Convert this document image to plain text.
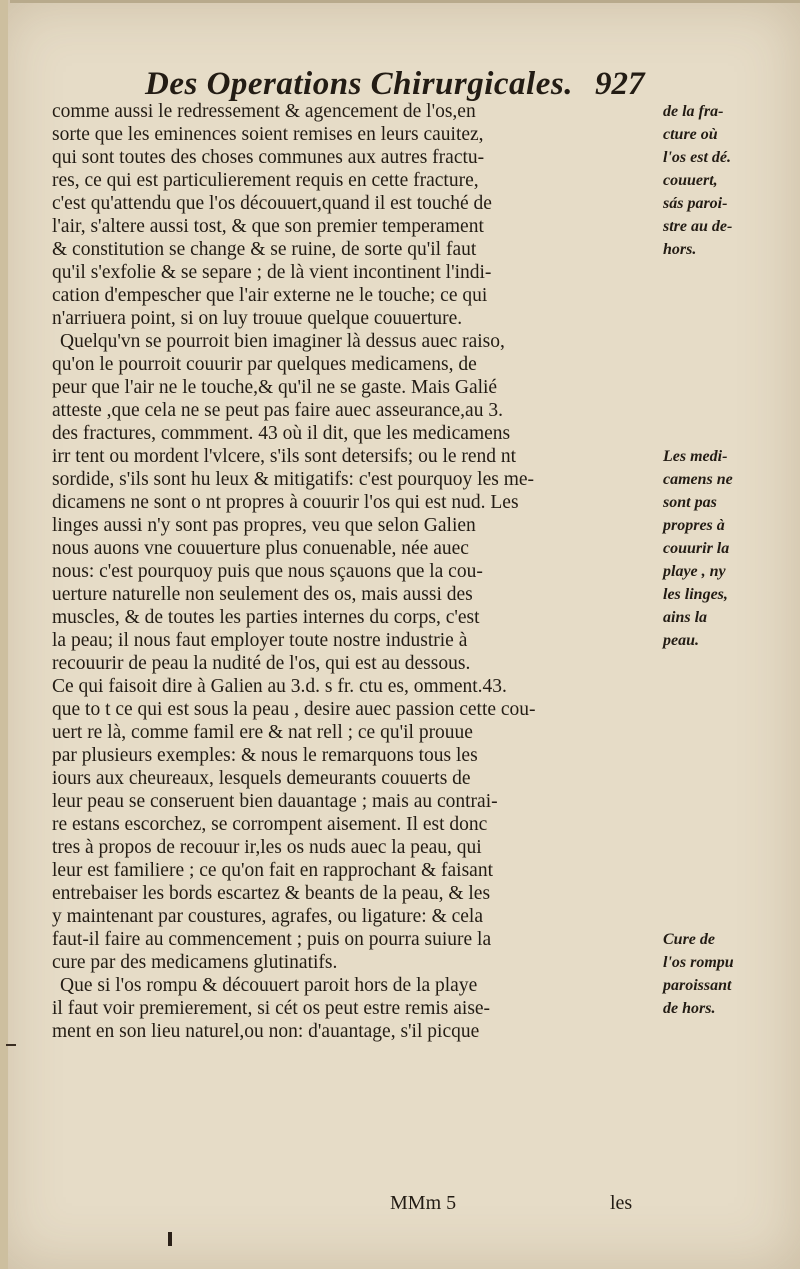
Des Operations Chirurgicales. 927
comme aussi le redressement & agencement de l'os,en
sorte que les eminences soient remises en leurs cauitez,
qui sont toutes des choses communes aux autres fractu-
res, ce qui est particulierement requis en cette fracture,
c'est qu'attendu que l'os découuert,quand il est touché de
l'air, s'altere aussi tost, & que son premier temperament
& constitution se change & se ruine, de sorte qu'il faut
qu'il s'exfolie & se separe ; de là vient incontinent l'indi-
cation d'empescher que l'air externe ne le touche; ce qui
n'arriuera point, si on luy trouue quelque couuerture.
Quelqu'vn se pourroit bien imaginer là dessus auec raiso,
qu'on le pourroit couurir par quelques medicamens, de
peur que l'air ne le touche,& qu'il ne se gaste. Mais Galié
atteste ,que cela ne se peut pas faire auec asseurance,au 3.
des fractures, commment. 43 où il dit, que les medicamens
irr tent ou mordent l'vlcere, s'ils sont detersifs; ou le rend nt
sordide, s'ils sont hu leux & mitigatifs: c'est pourquoy les me-
dicamens ne sont o nt propres à couurir l'os qui est nud. Les
linges aussi n'y sont pas propres, veu que selon Galien
nous auons vne couuerture plus conuenable, née auec
nous: c'est pourquoy puis que nous sçauons que la cou-
uerture naturelle non seulement des os, mais aussi des
muscles, & de toutes les parties internes du corps, c'est
la peau; il nous faut employer toute nostre industrie à
recouurir de peau la nudité de l'os, qui est au dessous.
Ce qui faisoit dire à Galien au 3.d. s fr. ctu es, omment.43.
que to t ce qui est sous la peau , desire auec passion cette cou-
uert re là, comme famil ere & nat rell ; ce qu'il prouue
par plusieurs exemples: & nous le remarquons tous les
iours aux cheureaux, lesquels demeurants couuerts de
leur peau se conseruent bien dauantage ; mais au contrai-
re estans escorchez, se corrompent aisement. Il est donc
tres à propos de recouur ir,les os nuds auec la peau, qui
leur est familiere ; ce qu'on fait en rapprochant & faisant
entrebaiser les bords escartez & beants de la peau, & les
y maintenant par coustures, agrafes, ou ligature: & cela
faut-il faire au commencement ; puis on pourra suiure la
cure par des medicamens glutinatifs.
Que si l'os rompu & découuert paroit hors de la playe
il faut voir premierement, si cét os peut estre remis aise-
ment en son lieu naturel,ou non: d'auantage, s'il picque
de la fra-
cture où
l'os est dé.
couuert,
sás paroi-
stre au de-
hors.
Les medi-
camens ne
sont pas
propres à
couurir la
playe , ny
les linges,
ains la
peau.
Cure de
l'os rompu
paroissant
de hors.
MMm 5	les
